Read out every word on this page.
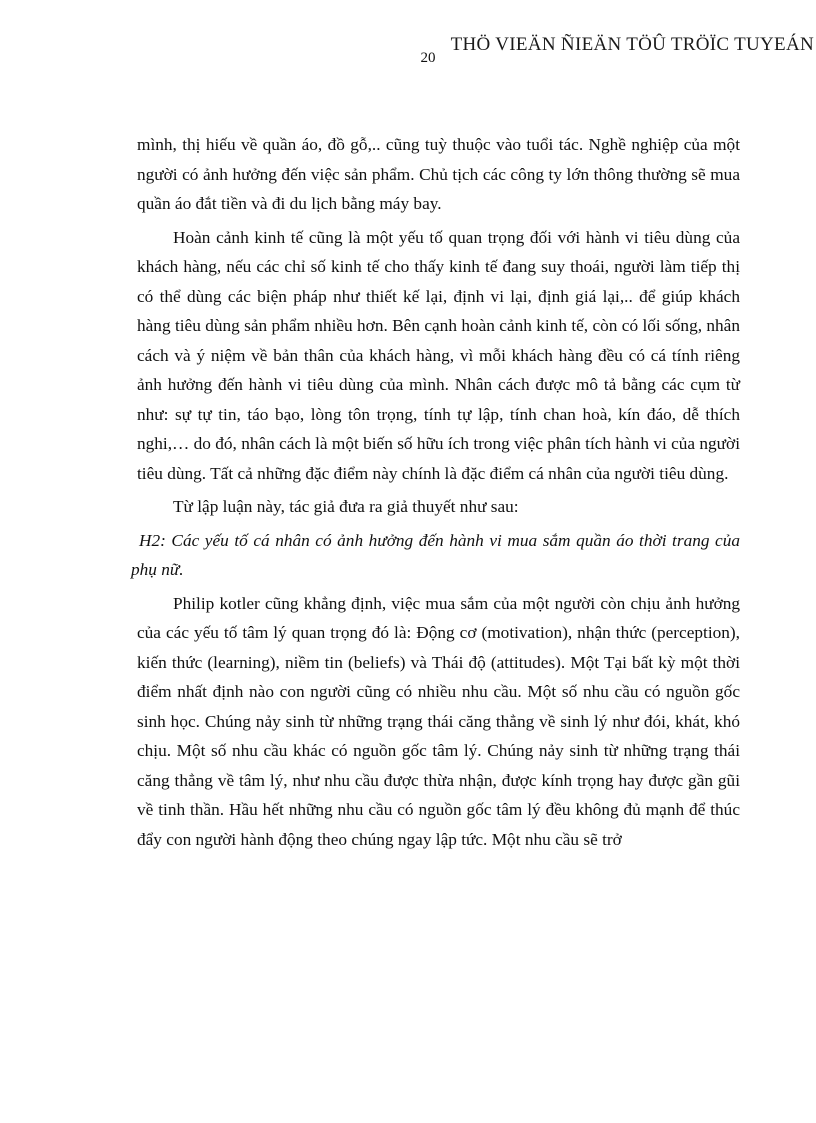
THÖ VIEÄN ÑIEÄN TÖÛ TRÖÏC TUYEÁN
20

mình, thị hiếu về quần áo, đồ gỗ,.. cũng tuỳ thuộc vào tuổi tác. Nghề nghiệp của một người có ảnh hưởng đến việc sản phẩm. Chủ tịch các công ty lớn thông thường sẽ mua quần áo đắt tiền và đi du lịch bằng máy bay.

Hoàn cảnh kinh tế cũng là một yếu tố quan trọng đối với hành vi tiêu dùng của khách hàng, nếu các chỉ số kinh tế cho thấy kinh tế đang suy thoái, người làm tiếp thị có thể dùng các biện pháp như thiết kế lại, định vi lại, định giá lại,.. để giúp khách hàng tiêu dùng sản phẩm nhiều hơn. Bên cạnh hoàn cảnh kinh tế, còn có lối sống, nhân cách và ý niệm về bản thân của khách hàng, vì mỗi khách hàng đều có cá tính riêng ảnh hưởng đến hành vi tiêu dùng của mình. Nhân cách được mô tả bằng các cụm từ như: sự tự tin, táo bạo, lòng tôn trọng, tính tự lập, tính chan hoà, kín đáo, dễ thích nghi,… do đó, nhân cách là một biến số hữu ích trong việc phân tích hành vi của người tiêu dùng. Tất cả những đặc điểm này chính là đặc điểm cá nhân của người tiêu dùng.

Từ lập luận này, tác giả đưa ra giả thuyết như sau:

H2: Các yếu tố cá nhân có ảnh hưởng đến hành vi mua sắm quần áo thời trang của phụ nữ.

Philip kotler cũng khẳng định, việc mua sắm của một người còn chịu ảnh hưởng của các yếu tố tâm lý quan trọng đó là: Động cơ (motivation), nhận thức (perception), kiến thức (learning), niềm tin (beliefs) và Thái độ (attitudes). Một Tại bất kỳ một thời điểm nhất định nào con người cũng có nhiều nhu cầu. Một số nhu cầu có nguồn gốc sinh học. Chúng nảy sinh từ những trạng thái căng thẳng về sinh lý như đói, khát, khó chịu. Một số nhu cầu khác có nguồn gốc tâm lý. Chúng nảy sinh từ những trạng thái căng thẳng về tâm lý, như nhu cầu được thừa nhận, được kính trọng hay được gần gũi về tinh thần. Hầu hết những nhu cầu có nguồn gốc tâm lý đều không đủ mạnh để thúc đẩy con người hành động theo chúng ngay lập tức. Một nhu cầu sẽ trở
